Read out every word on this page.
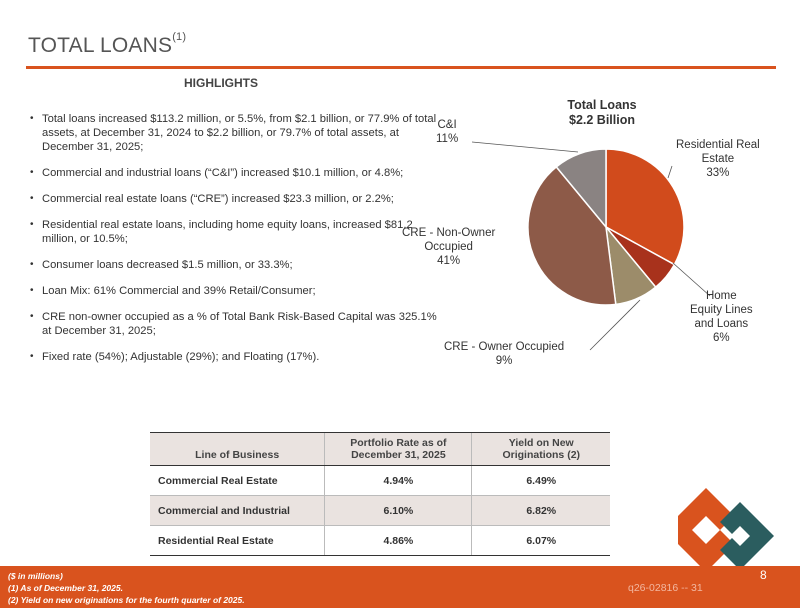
TOTAL LOANS$^{(1)}$
HIGHLIGHTS
• Total loans increased $113.2 million, or 5.5%, from $2.1 billion, or 77.9% of total assets, at December 31, 2024 to $2.2 billion, or 79.7% of total assets, at December 31, 2025;
• Commercial and industrial loans (“C&I”) increased $10.1 million, or 4.8%;
• Commercial real estate loans (“CRE”) increased $23.3 million, or 2.2%;
• Residential real estate loans, including home equity loans, increased $81.2 million, or 10.5%;
• Consumer loans decreased $1.5 million, or 33.3%;
• Loan Mix: 61% Commercial and 39% Retail/Consumer;
• CRE non-owner occupied as a % of Total Bank Risk-Based Capital was 325.1% at December 31, 2025;
• Fixed rate (54%); Adjustable (29%); and Floating (17%).
Total Loans
$2.2 Billion
C&I
11%	Residential Real
Estate
33%
CRE - Non-Owner
Occupied
41%
Home
Equity Lines
and Loans
6%
CRE - Owner Occupied
9%
Line of Business	Portfolio Rate as of December 31, 2025	Yield on New Originations (2)
Commercial Real Estate	4.94%	6.49%
Commercial and Industrial	6.10%	6.82%
Residential Real Estate	4.86%	6.07%
($ in millions)
(1) As of December 31, 2025.
(2) Yield on new originations for the fourth quarter of 2025.
8
q26-02816 -- 31
